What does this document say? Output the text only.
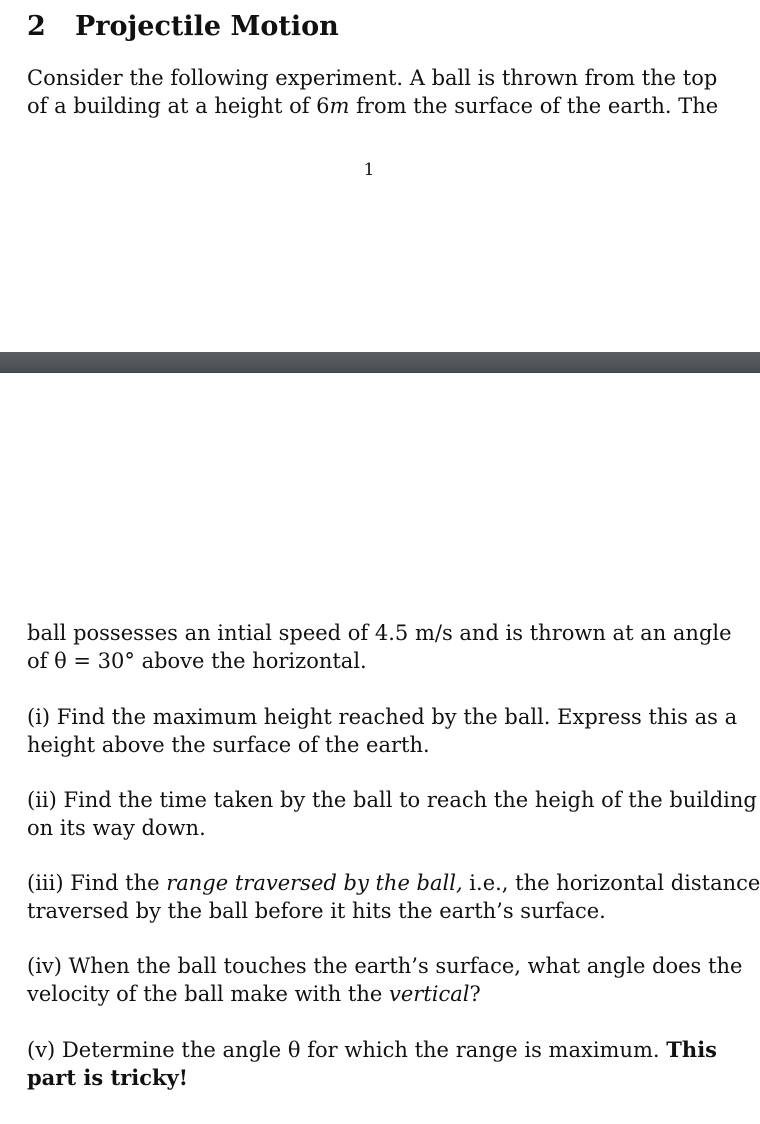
2 Projectile Motion

Consider the following experiment. A ball is thrown from the top
of a building at a height of 6m from the surface of the earth. The

1

ball possesses an intial speed of 4.5 m/s and is thrown at an angle
of θ = 30° above the horizontal.

(i) Find the maximum height reached by the ball. Express this as a
height above the surface of the earth.

(ii) Find the time taken by the ball to reach the heigh of the building
on its way down.

(iii) Find the range traversed by the ball, i.e., the horizontal distance
traversed by the ball before it hits the earth’s surface.

(iv) When the ball touches the earth’s surface, what angle does the
velocity of the ball make with the vertical?

(v) Determine the angle θ for which the range is maximum. This
part is tricky!
